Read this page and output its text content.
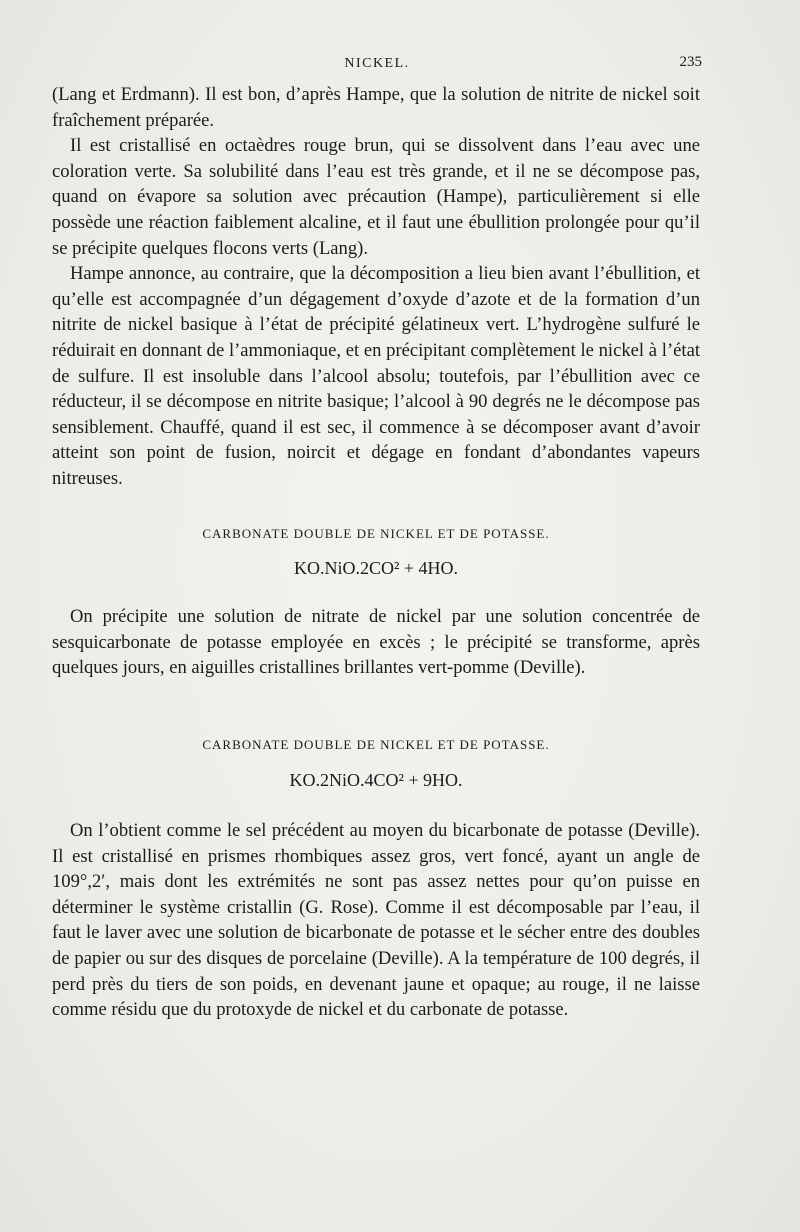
NICKEL.	235

(Lang et Erdmann). Il est bon, d’après Hampe, que la solution de nitrite de nickel soit fraîchement préparée.

Il est cristallisé en octaèdres rouge brun, qui se dissolvent dans l’eau avec une coloration verte. Sa solubilité dans l’eau est très grande, et il ne se décompose pas, quand on évapore sa solution avec précaution (Hampe), particulièrement si elle possède une réaction faiblement alcaline, et il faut une ébullition prolongée pour qu’il se précipite quelques flocons verts (Lang).

Hampe annonce, au contraire, que la décomposition a lieu bien avant l’ébullition, et qu’elle est accompagnée d’un dégagement d’oxyde d’azote et de la formation d’un nitrite de nickel basique à l’état de précipité gélatineux vert. L’hydrogène sulfuré le réduirait en donnant de l’ammoniaque, et en précipitant complètement le nickel à l’état de sulfure. Il est insoluble dans l’alcool absolu; toutefois, par l’ébullition avec ce réducteur, il se décompose en nitrite basique; l’alcool à 90 degrés ne le décompose pas sensiblement. Chauffé, quand il est sec, il commence à se décomposer avant d’avoir atteint son point de fusion, noircit et dégage en fondant d’abondantes vapeurs nitreuses.

CARBONATE DOUBLE DE NICKEL ET DE POTASSE.
KO.NiO.2CO² + 4HO.

On précipite une solution de nitrate de nickel par une solution concentrée de sesquicarbonate de potasse employée en excès ; le précipité se transforme, après quelques jours, en aiguilles cristallines brillantes vert-pomme (Deville).

CARBONATE DOUBLE DE NICKEL ET DE POTASSE.
KO.2NiO.4CO² + 9HO.

On l’obtient comme le sel précédent au moyen du bicarbonate de potasse (Deville). Il est cristallisé en prismes rhombiques assez gros, vert foncé, ayant un angle de 109°,2′, mais dont les extrémités ne sont pas assez nettes pour qu’on puisse en déterminer le système cristallin (G. Rose). Comme il est décomposable par l’eau, il faut le laver avec une solution de bicarbonate de potasse et le sécher entre des doubles de papier ou sur des disques de porcelaine (Deville). A la température de 100 degrés, il perd près du tiers de son poids, en devenant jaune et opaque; au rouge, il ne laisse comme résidu que du protoxyde de nickel et du carbonate de potasse.
